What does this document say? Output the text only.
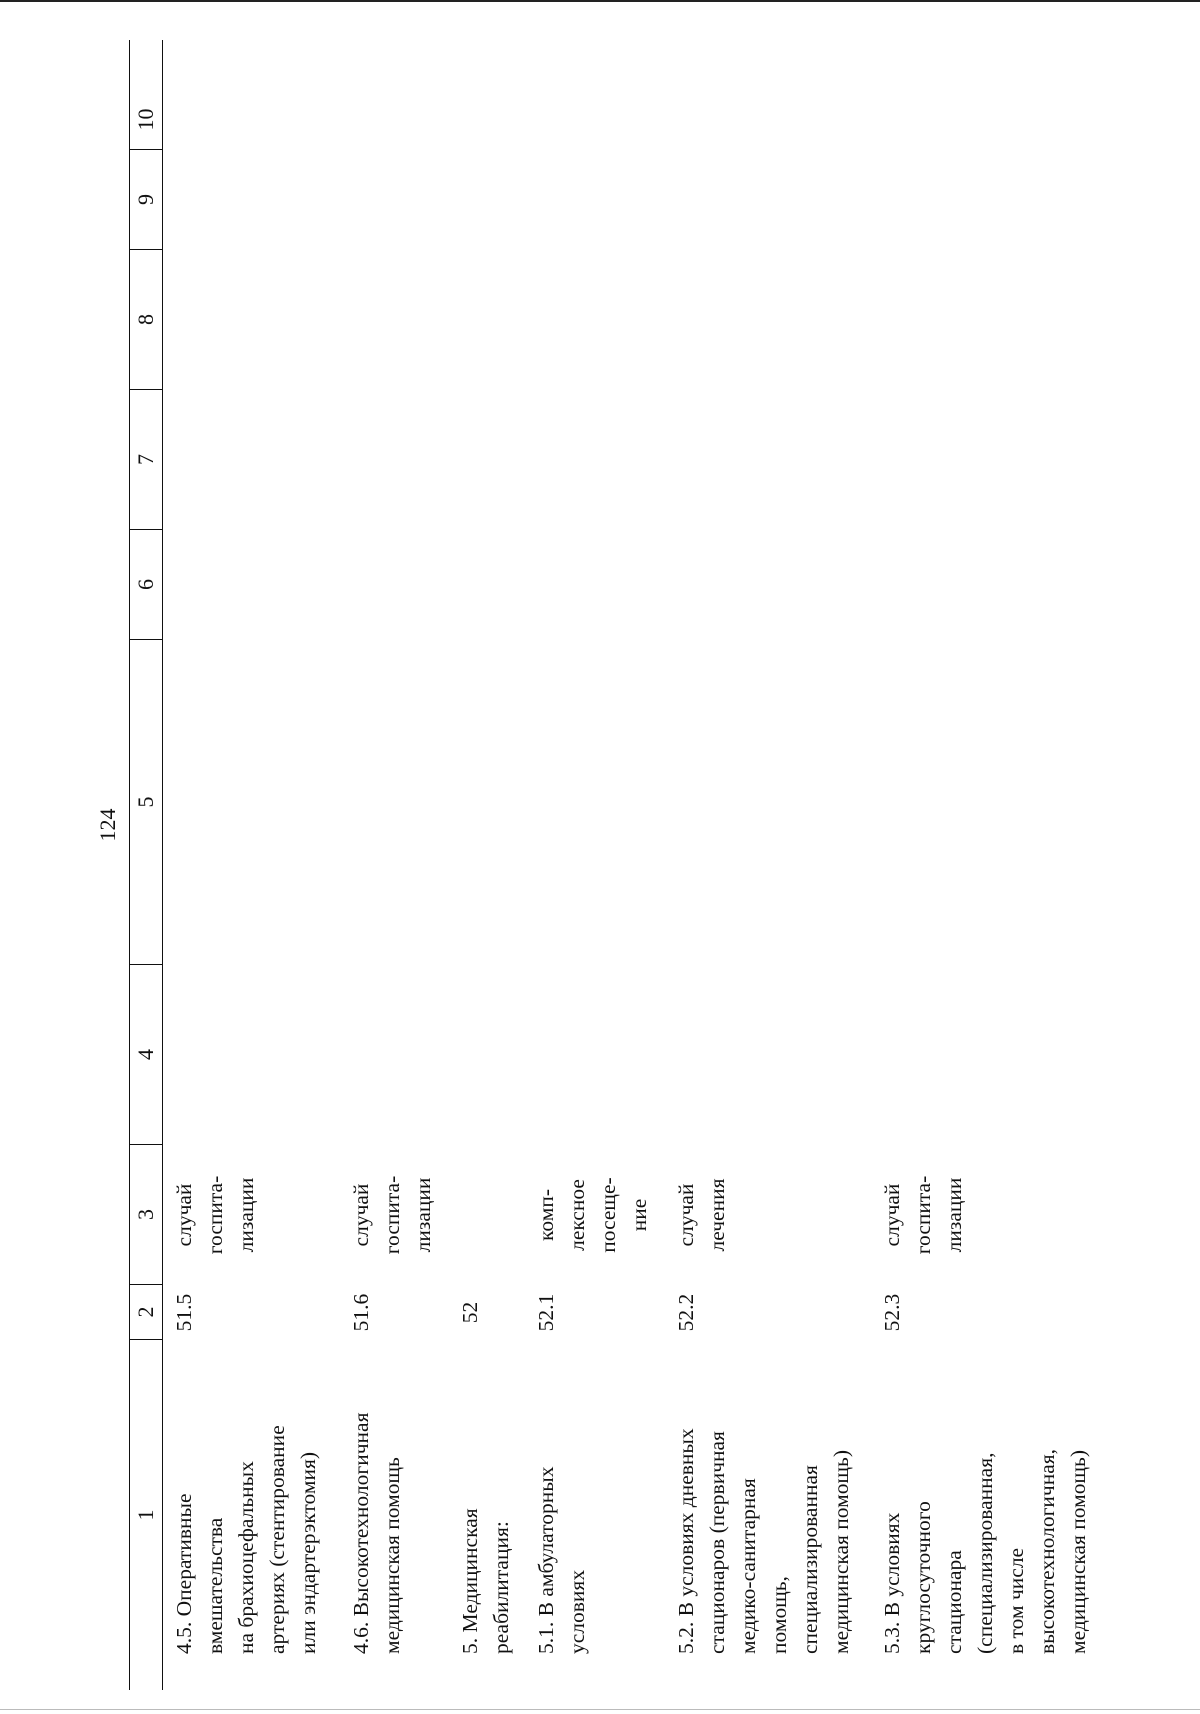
124
1
2
3
4
5
6
7
8
9
10
4.5. Оперативные
вмешательства
на брахиоцефальных
артериях (стентирование
или эндартерэктомия)
51.5
случай
госпита-
лизации
4.6. Высокотехнологичная
медицинская помощь
51.6
случай
госпита-
лизации
5. Медицинская
реабилитация:
52
5.1. В амбулаторных
условиях
52.1
комп-
лексное
посеще-
ние
5.2. В условиях дневных
стационаров (первичная
медико-санитарная
помощь,
специализированная
медицинская помощь)
52.2
случай
лечения
5.3. В условиях
круглосуточного
стационара
(специализированная,
в том числе
высокотехнологичная,
медицинская помощь)
52.3
случай
госпита-
лизации
